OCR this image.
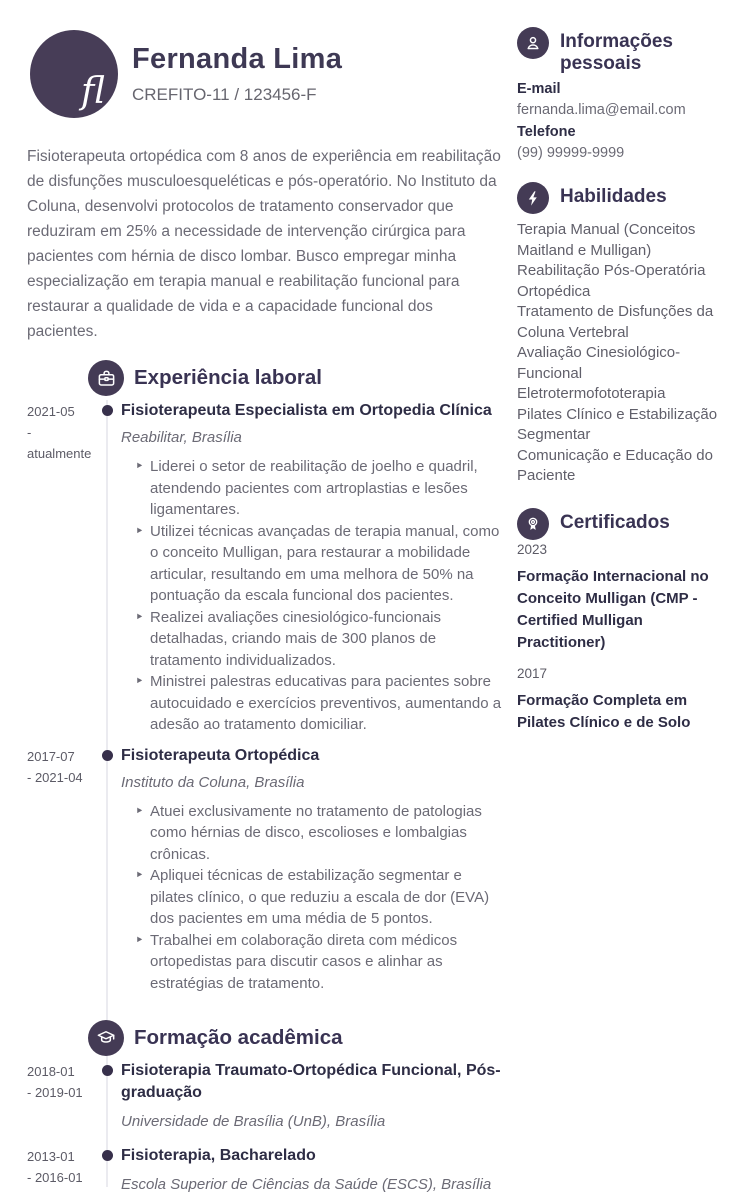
fl
Fernanda Lima
CREFITO-11 / 123456-F
Fisioterapeuta ortopédica com 8 anos de experiência em reabilitação de disfunções musculoesqueléticas e pós-operatório. No Instituto da Coluna, desenvolvi protocolos de tratamento conservador que reduziram em 25% a necessidade de intervenção cirúrgica para pacientes com hérnia de disco lombar. Busco empregar minha especialização em terapia manual e reabilitação funcional para restaurar a qualidade de vida e a capacidade funcional dos pacientes.
Experiência laboral
2021-05
- atualmente
Fisioterapeuta Especialista em Ortopedia Clínica
Reabilitar, Brasília
‣ Liderei o setor de reabilitação de joelho e quadril, atendendo pacientes com artroplastias e lesões ligamentares.
‣ Utilizei técnicas avançadas de terapia manual, como o conceito Mulligan, para restaurar a mobilidade articular, resultando em uma melhora de 50% na pontuação da escala funcional dos pacientes.
‣ Realizei avaliações cinesiológico-funcionais detalhadas, criando mais de 300 planos de tratamento individualizados.
‣ Ministrei palestras educativas para pacientes sobre autocuidado e exercícios preventivos, aumentando a adesão ao tratamento domiciliar.
2017-07
- 2021-04
Fisioterapeuta Ortopédica
Instituto da Coluna, Brasília
‣ Atuei exclusivamente no tratamento de patologias como hérnias de disco, escolioses e lombalgias crônicas.
‣ Apliquei técnicas de estabilização segmentar e pilates clínico, o que reduziu a escala de dor (EVA) dos pacientes em uma média de 5 pontos.
‣ Trabalhei em colaboração direta com médicos ortopedistas para discutir casos e alinhar as estratégias de tratamento.
Formação acadêmica
2018-01
- 2019-01
Fisioterapia Traumato-Ortopédica Funcional, Pós-graduação
Universidade de Brasília (UnB), Brasília
2013-01
- 2016-01
Fisioterapia, Bacharelado
Escola Superior de Ciências da Saúde (ESCS), Brasília
Informações pessoais
E-mail
fernanda.lima@email.com
Telefone
(99) 99999-9999
Habilidades
Terapia Manual (Conceitos Maitland e Mulligan)
Reabilitação Pós-Operatória Ortopédica
Tratamento de Disfunções da Coluna Vertebral
Avaliação Cinesiológico-Funcional
Eletrotermofototerapia
Pilates Clínico e Estabilização Segmentar
Comunicação e Educação do Paciente
Certificados
2023
Formação Internacional no Conceito Mulligan (CMP - Certified Mulligan Practitioner)
2017
Formação Completa em Pilates Clínico e de Solo
